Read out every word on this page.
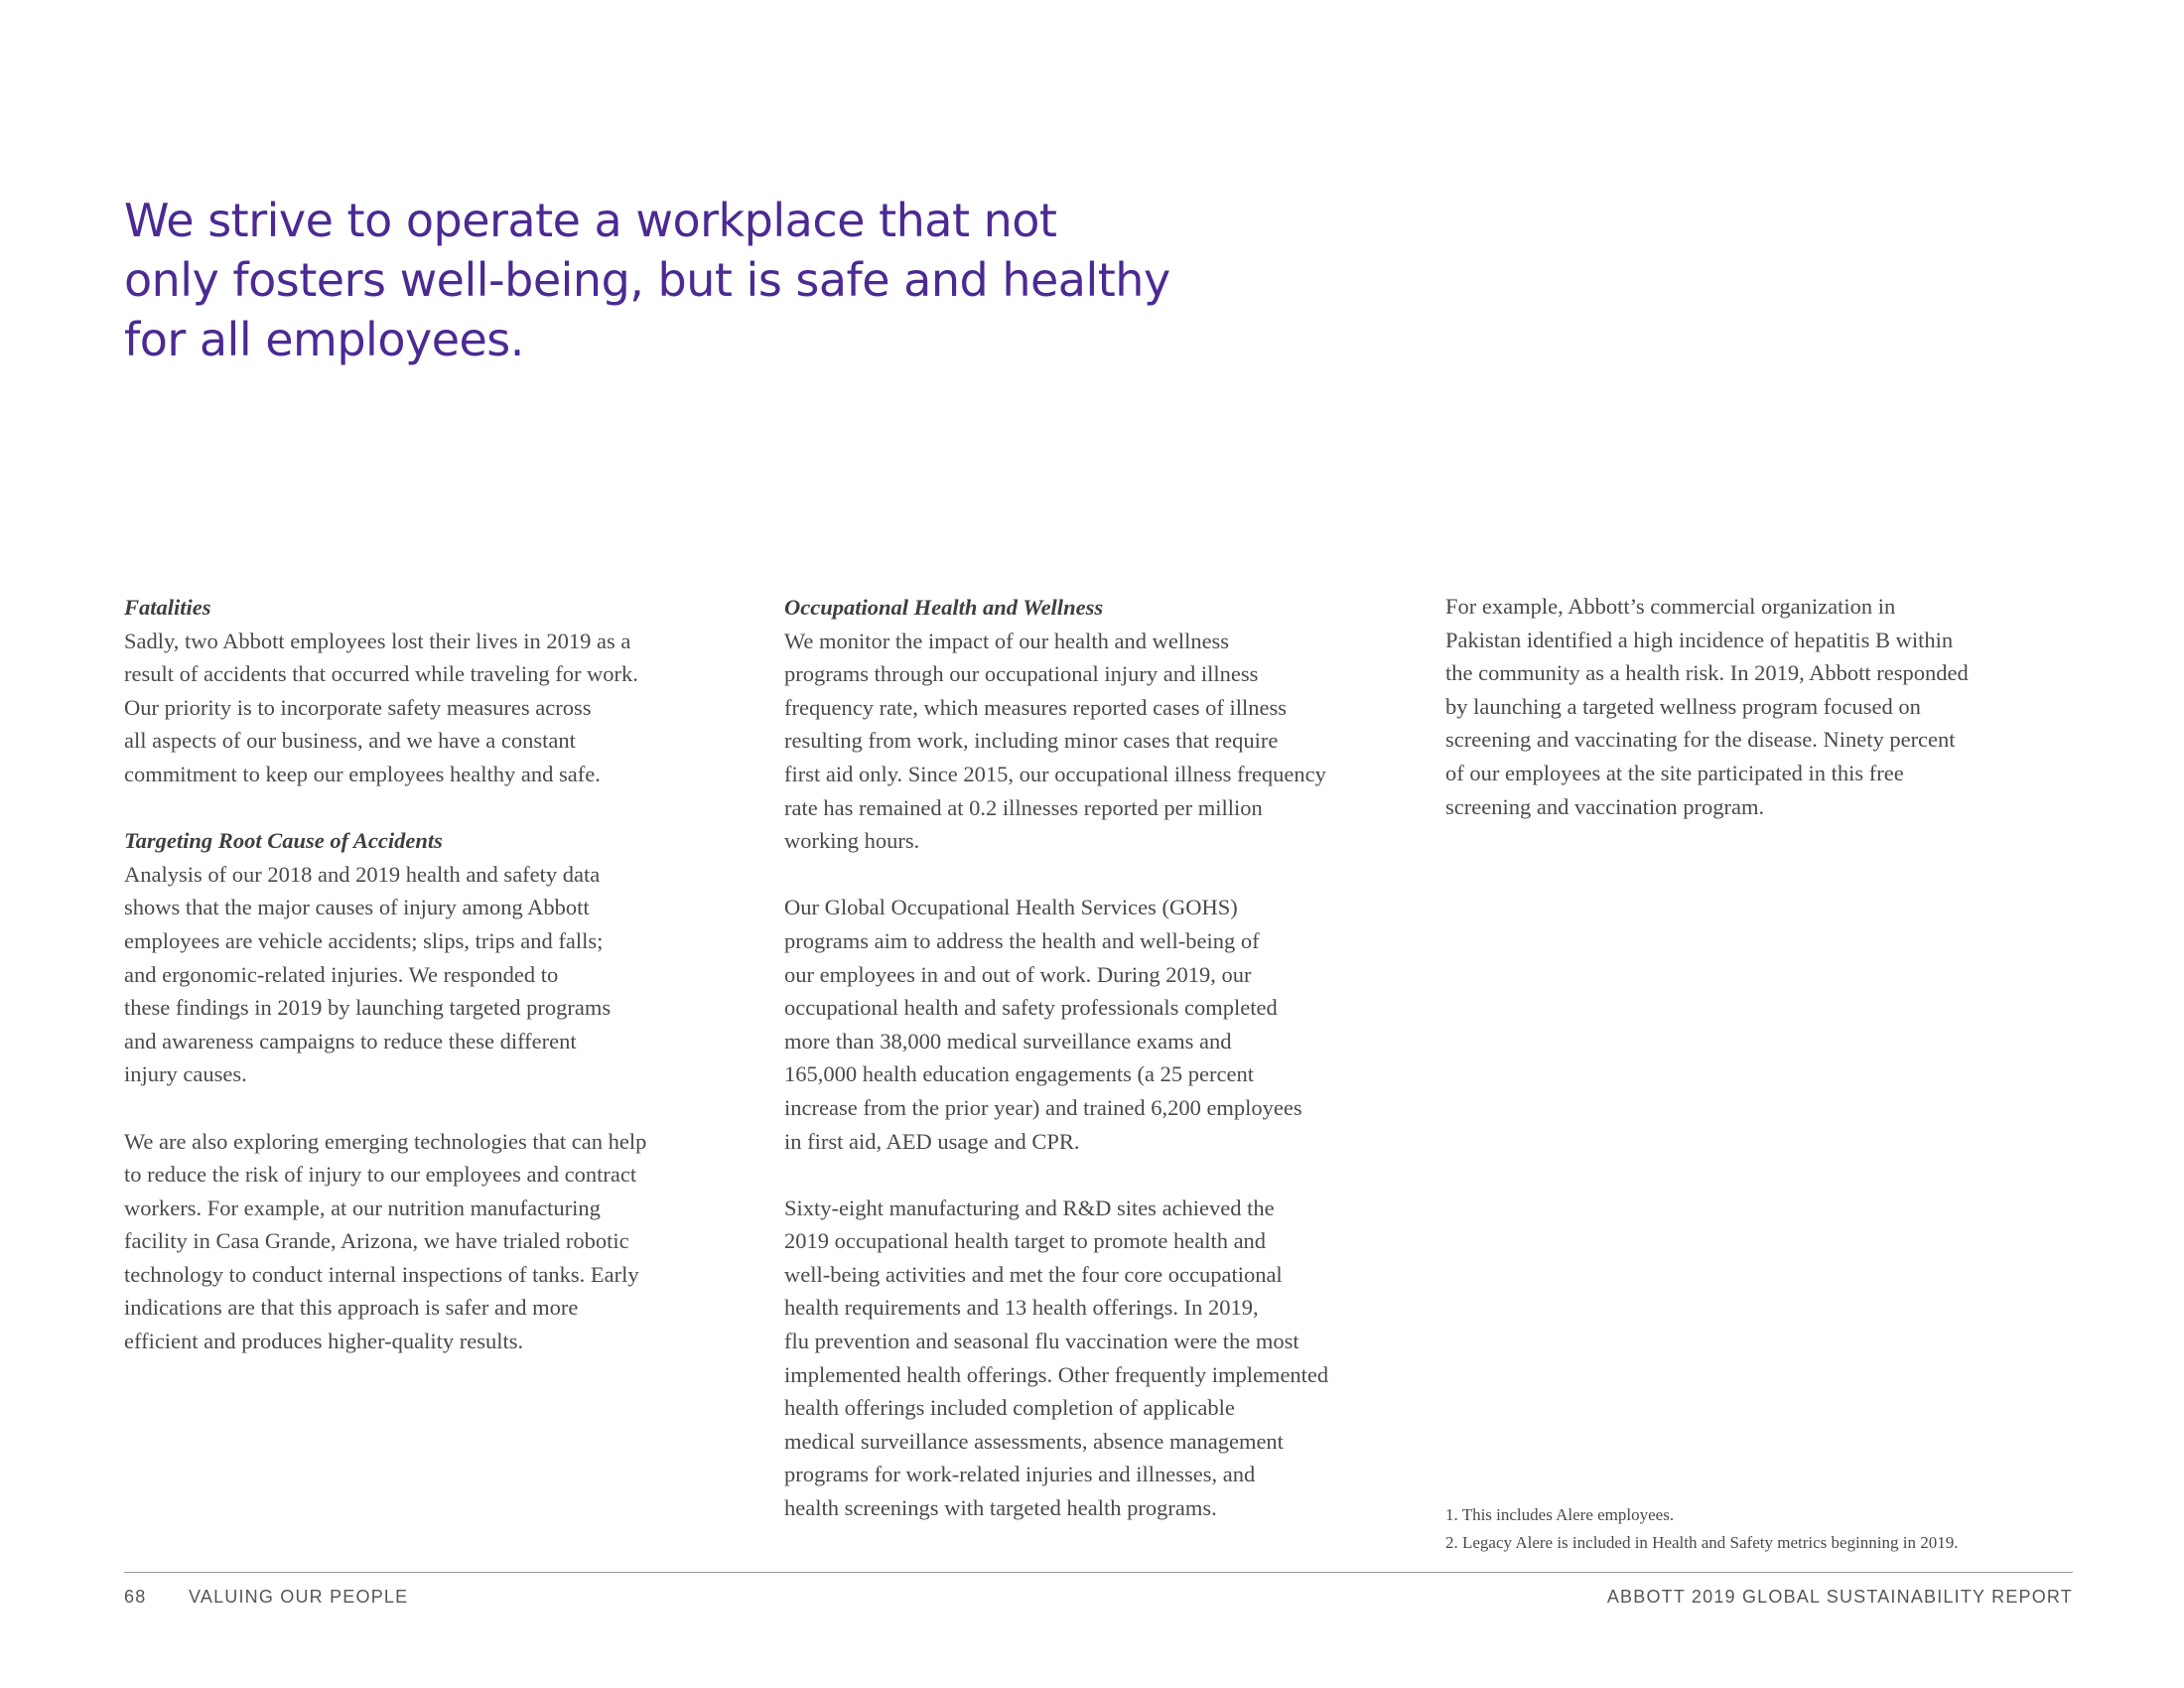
We strive to operate a workplace that not
only fosters well-being, but is safe and healthy
for all employees.
Fatalities
Sadly, two Abbott employees lost their lives in 2019 as a
result of accidents that occurred while traveling for work.
Our priority is to incorporate safety measures across
all aspects of our business, and we have a constant
commitment to keep our employees healthy and safe.
Targeting Root Cause of Accidents
Analysis of our 2018 and 2019 health and safety data
shows that the major causes of injury among Abbott
employees are vehicle accidents; slips, trips and falls;
and ergonomic-related injuries. We responded to
these findings in 2019 by launching targeted programs
and awareness campaigns to reduce these different
injury causes.
We are also exploring emerging technologies that can help
to reduce the risk of injury to our employees and contract
workers. For example, at our nutrition manufacturing
facility in Casa Grande, Arizona, we have trialed robotic
technology to conduct internal inspections of tanks. Early
indications are that this approach is safer and more
efficient and produces higher-quality results.
Occupational Health and Wellness
We monitor the impact of our health and wellness
programs through our occupational injury and illness
frequency rate, which measures reported cases of illness
resulting from work, including minor cases that require
first aid only. Since 2015, our occupational illness frequency
rate has remained at 0.2 illnesses reported per million
working hours.
Our Global Occupational Health Services (GOHS)
programs aim to address the health and well-being of
our employees in and out of work. During 2019, our
occupational health and safety professionals completed
more than 38,000 medical surveillance exams and
165,000 health education engagements (a 25 percent
increase from the prior year) and trained 6,200 employees
in first aid, AED usage and CPR.
Sixty-eight manufacturing and R&D sites achieved the
2019 occupational health target to promote health and
well-being activities and met the four core occupational
health requirements and 13 health offerings. In 2019,
flu prevention and seasonal flu vaccination were the most
implemented health offerings. Other frequently implemented
health offerings included completion of applicable
medical surveillance assessments, absence management
programs for work-related injuries and illnesses, and
health screenings with targeted health programs.
For example, Abbott’s commercial organization in
Pakistan identified a high incidence of hepatitis B within
the community as a health risk. In 2019, Abbott responded
by launching a targeted wellness program focused on
screening and vaccinating for the disease. Ninety percent
of our employees at the site participated in this free
screening and vaccination program.
1. This includes Alere employees.
2. Legacy Alere is included in Health and Safety metrics beginning in 2019.
68 VALUING OUR PEOPLE	ABBOTT 2019 GLOBAL SUSTAINABILITY REPORT
